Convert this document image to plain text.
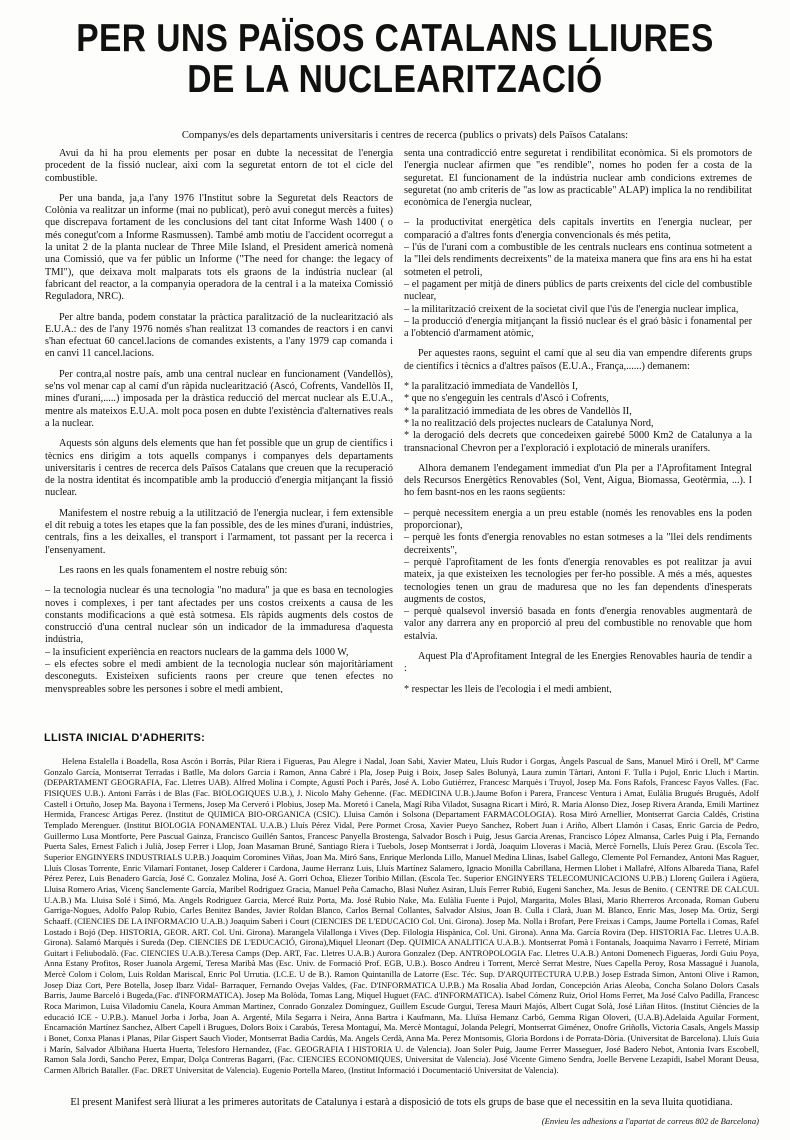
PER UNS PAÏSOS CATALANS LLIURES
DE LA NUCLEARITZACIÓ
Companys/es dels departaments universitaris i centres de recerca (publics o privats) dels Països Catalans:

Avui da hi ha prou elements per posar en dubte la necessitat de l'energia procedent de la fissió nuclear, aixi com la seguretat entorn de tot el cicle del combustible.

Per una banda, ja,a l'any 1976 l'Institut sobre la Seguretat dels Reactors de Colònia va realitzar un informe (mai no publicat), però avui conegut mercès a fuites) que discrepava fortament de les conclusions del tant citat Informe Wash 1400 ( o més conegut'com a Informe Rasmussen). També amb motiu de l'accident ocorregut a la unitat 2 de la planta nuclear de Three Mile Island, el President americà nomenà una Comissió, que va fer públic un Informe ("The need for change: the legacy of TMI"), que deixava molt malparats tots els graons de la indústria nuclear (al fabricant del reactor, a la companyia operadora de la central i a la mateixa Comissió Reguladora, NRC).

Per altre banda, podem constatar la pràctica paralització de la nuclearització als E.U.A.: des de l'any 1976 només s'han realitzat 13 comandes de reactors i en canvi s'han efectuat 60 cancel.lacions de comandes existents, a l'any 1979 cap comanda i en canvi 11 cancel.lacions.

Per contra,al nostre país, amb una central nuclear en funcionament (Vandellòs), se'ns vol menar cap al camí d'un ràpida nuclearització (Ascó, Cofrents, Vandellòs II, mines d'urani,.....) imposada per la dràstica reducció del mercat nuclear als E.U.A., mentre als mateixos E.U.A. molt poca posen en dubte l'existència d'alternatives reals a la nuclear.

Aquests són alguns dels elements que han fet possible que un grup de científics i tècnics ens dirigim a tots aquells companys i companyes dels departaments universitaris i centres de recerca dels Països Catalans que creuen que la recuperació de la nostra identitat és incompatible amb la producció d'energia mitjançant la fissió nuclear.

Manifestem el nostre rebuig a la utilització de l'energia nuclear, i fem extensible el dit rebuig a totes les etapes que la fan possible, des de les mines d'urani, indústries, centrals, fins a les deixalles, el transport i l'armament, tot passant per la recerca i l'ensenyament.

Les raons en les quals fonamentem el nostre rebuig són:

– la tecnologia nuclear és una tecnologia "no madura" ja que es basa en tecnologies noves i complexes, i per tant afectades per uns costos creixents a causa de les constants modificacions a què està sotmesa. Els ràpids augments dels costos de construcció d'una central nuclear són un indicador de la immaduresa d'aquesta indústria,
– la insuficient experiència en reactors nuclears de la gamma dels 1000 W,
– els efectes sobre el medi ambient de la tecnologia nuclear són majoritàriament desconeguts. Existeixen suficients raons per creure que tenen efectes no menyspreables sobre les persones i sobre el medi ambient,

senta una contradicció entre seguretat i rendibilitat econòmica. Si els promotors de l'energia nuclear afirmen que "es rendible", nomes ho poden fer a costa de la seguretat. El funcionament de la indústria nuclear amb condicions extremes de seguretat (no amb criteris de "as low as practicable" ALAP) implica la no rendibilitat econòmica de l'energia nuclear,

– la productivitat energètica dels capitals invertits en l'energia nuclear, per comparació a d'altres fonts d'energia convencionals és més petita,
– l'ús de l'urani com a combustible de les centrals nuclears ens continua sotmetent a la "llei dels rendiments decreixents" de la mateixa manera que fins ara ens hi ha estat sotmeten el petroli,
– el pagament per mitjà de diners públics de parts creixents del cicle del combustible nuclear,
– la militarització creixent de la societat civil que l'ús de l'energia nuclear implica,
– la producció d'energia mitjançant la fissió nuclear és el graó bàsic i fonamental per a l'obtenció d'armament atòmic,

Per aquestes raons, seguint el camí que al seu dia van empendre diferents grups de científics i tècnics a d'altres països (E.U.A., França,......) demanem:

* la paralització immediata de Vandellòs I,
* que no s'engeguin les centrals d'Ascó i Cofrents,
* la paralització immediata de les obres de Vandellòs II,
* la no realització dels projectes nuclears de Catalunya Nord,
* la derogació dels decrets que concedeixen gairebé 5000 Km2 de Catalunya a la transnacional Chevron per a l'exploració i explotació de minerals uranífers.

Alhora demanem l'endegament immediat d'un Pla per a l'Aprofitament Integral dels Recursos Energètics Renovables (Sol, Vent, Aigua, Biomassa, Geotèrmia, ...). I ho fem basnt-nos en les raons següents:

– perquè necessitem energia a un preu estable (només les renovables ens la poden proporcionar),
– perquè les fonts d'energia renovables no estan sotmeses a la "llei dels rendiments decreixents",
– perquè l'aprofitament de les fonts d'energia renovables es pot realitzar ja avui mateix, ja que existeixen les tecnologies per fer-ho possible. A més a més, aquestes tecnologies tenen un grau de maduresa que no les fan dependents d'inesperats augments de costos,
– perquè qualsevol inversió basada en fonts d'energia renovables augmentarà de valor any darrera any en proporció al preu del combustible no renovable que hom estalvia.

Aquest Pla d'Aprofitament Integral de les Energies Renovables hauria de tendir a :

* respectar les lleis de l'ecologia i el medi ambient,
LLISTA INICIAL D'ADHERITS:
Helena Estalella i Boadella, Rosa Ascón i Borràs, Pilar Riera i Figueras, Pau Alegre i Nadal, Joan Sabi, Xavier Mateu, Lluís Rudor i Gorgas, Àngels Pascual de Sans, Manuel Miró i Orell, Mª Carme Gonzalo García, Montserrat Terradas i Batlle, Ma dolors Garcia i Ramon, Anna Cabré i Pla, Josep Puig i Boix, Josep Sales Bolunyà, Laura zumin Tàrtari, Antoni F. Tulla i Pujol, Enric Lluch i Martin. (DEPARTAMENT GEOGRAFIA, Fac. Lletres UAB). Alfred Molina i Compte, Agustí Poch i Parés, José A. Lobo Gutiérrez, Francesc Marquès i Truyol, Josep Ma. Fons Rafols, Francesc Fayos Valles. (Fac. FISIQUES U.B.). Antoni Farràs i de Blas (Fac. BIOLOGIQUES U.B.), J. Nicolo Mahy Gehenne. (Fac. MEDICINA U.B.).Jaume Bofon i Parera, Francesc Ventura i Amat, Eulàlia Brugués Brugués, Adolf Castell i Ortuño, Josep Ma. Bayona i Termens, Josep Ma Cerveró i Plobius, Josep Ma. Moretó i Canela, Magí Riba Viladot, Susagna Ricart i Miró, R. Maria Alonso Diez, Josep Rivera Aranda, Emili Martinez Hermida, Francesc Artigas Perez. (Institut de QUIMICA BIO-ORGANICA (CSIC). Lluisa Camón i Solsona (Departament FARMACOLOGIA). Rosa Miró Arnellier, Montserrat Garcia Caldés, Cristina Templado Merenguer. (Institut BIOLOGIA FONAMENTAL U.A.B.) Lluís Pérez Vidal, Pere Pormet Crosa, Xavier Pueyo Sanchez, Robert Juan i Ariño, Albert Llamón i Casas, Enric Garcia de Pedro, Guillermo Lusa Montforte, Pere Pascual Gainza, Francisco Guillén Santos, Francesc Panyella Brostenga, Salvador Bosch i Puig, Jesus Garcia Arenas, Francisco López Almansa, Carles Puig i Pla, Fernando Puerta Sales, Ernest Falich i Julià, Josep Ferrer i Llop, Joan Masaman Bruné, Santiago Riera i Tuebols, Josep Montserrat i Jordà, Joaquim Lloveras i Macià, Mercè Fornells, Lluís Perez Grau. (Escola Tec. Superior ENGINYERS INDUSTRIALS U.P.B.) Joaquim Coromines Viñas, Joan Ma. Miró Sans, Enrique Merlonda Lillo, Manuel Medina Llinas, Isabel Gallego, Clemente Pol Fernandez, Antoni Mas Raguer, Lluís Closas Torrente, Enric Vilamarí Fontanet, Josep Calderer i Cardona, Jaume Herranz Luis, Lluís Martínez Salamero, Ignacio Monilla Cabrillana, Hermen Llobet i Mallafré, Alfons Albareda Tiana, Rafel Pérez Perez, Luis Benadero García, José C. Gonzalez Molina, José A. Gorri Ochoa, Eliezer Toribio Millan. (Escola Tec. Superior ENGINYERS TELECOMUNICACIONS U.P.B.) Llorenç Guilera i Agüera, Lluisa Romero Arias, Vicenç Sanclemente García, Maribel Rodriguez Gracia, Manuel Peña Camacho, Blasi Nuñez Asiran, Lluís Ferrer Rubió, Eugeni Sanchez, Ma. Jesus de Benito. ( CENTRE DE CALCUL U.A.B.) Ma. Lluisa Solé i Simó, Ma. Angels Rodriguez Garcia, Mercé Ruiz Porta, Ma. José Rubio Nake, Ma. Eulàlia Fuente i Pujol, Margarita, Moles Blasi, Mario Rherreros Arconada, Roman Guberu Garriga-Nogues, Adolfo Palop Rubio, Carles Benitez Bandes, Javier Roldan Blanco, Carlos Bernal Collantes, Salvador Alsius, Joan B. Culla i Clarà, Juan M. Blanco, Enric Mas, Josep Ma. Ortiz, Sergi Schaaff. (CIENCIES DE LA INFORMACIO U.A.B.) Joaquim Saberi i Court (CIENCIES DE L'EDUCACIO Col. Uni. Girona). Josep Ma. Nolla i Brofart, Pere Freixas i Camps, Jaume Portella i Comas, Rafel Lostado i Bojó (Dep. HISTORIA, GEOR. ART. Col. Uni. Girona). Marangela Vilallonga i Vives (Dep. Filologia Hispànica, Col. Uni. Girona). Anna Ma. García Rovira (Dep. HISTORIA Fac. Lletres U.A.B. Girona). Salamó Marquès i Sureda (Dep. CIENCIES DE L'EDUCACIÓ, Girona),Miquel Lleonart (Dep. QUIMICA ANALITICA U.A.B.). Montserrat Pomà i Fontanals, Joaquima Navarro i Ferreté, Miriam Guitart i Feliubodalò. (Fac. CIENCIES U.A.B.).Teresa Camps (Dep. ART, Fac. Lletres U.A.B.) Aurora Gonzalez (Dep. ANTROPOLOGIA Fac. Lletres U.A.B.) Antoni Domenech Figueras, Jordi Guiu Poya, Anna Estany Profitos, Roser Juanola Argemí, Teresa Maribà Mas (Esc. Univ. de Formació Prof. EGB, U.B.). Bosco Andreu i Torrent, Mercè Serrat Mestre, Nues Capella Peroy, Rosa Massagué i Juanola, Mercè Colom i Colom, Luis Roldan Mariscal, Enric Pol Urrutia. (I.C.E. U de B.). Ramon Quintanilla de Latorre (Esc. Téc. Sup. D'ARQUITECTURA U.P.B.) Josep Estrada Simon, Antoni Olive i Ramon, Josep Diaz Cort, Pere Botella, Josep Ibarz Vidal- Barraquer, Fernando Ovejas Valdes, (Fac. D'INFORMATICA U.P.B.) Ma Rosalia Abad Jordan, Concepción Arias Aleoba, Concha Solano Dolors Casals Barris, Jaume Barceló i Bugeda,(Fac. d'INFORMATICA). Josep Ma Bolòda, Tomas Lang, Miquel Huguet (FAC. d'INFORMATICA). Isabel Cómenz Ruiz, Oriol Homs Ferret, Ma José Calvo Padilla, Francesc Roca Marimon, Luisa Viladomiu Canela, Koura Amman Martinez, Conrado Gonzalez Dominguez, Guillem Escude Gurgui, Teresa Mauri Majós, Albert Cugat Solà, José Liñan Hitos. (Institut Ciències de la educació ICE - U.P.B.). Manuel Jorba i Jorba, Joan A. Argenté, Mila Segarra i Neira, Anna Bartra i Kaufmann, Ma. Lluïsa Hemanz Carbó, Gemma Rigan Oloveri, (U.A.B).Adelaida Aguilar Forment, Encarnación Martínez Sanchez, Albert Capell i Brugues, Dolors Boix i Carabús, Teresa Montaguí, Ma. Mercè Montaguí, Jolanda Pelegrí, Montserrat Giménez, Onofre Griñolls, Victoria Casals, Angels Massip i Bonet, Conxa Planas i Planas, Pilar Gispert Sauch Vioder, Montserrat Badia Cardús, Ma. Angels Cerdà, Anna Ma. Perez Montsomis, Gloria Bordons i de Porrata-Dòria. (Universitat de Barcelona). Lluís Guia i Marín, Salvador Albiñana Huerta Huerta, Telesforo Hernandez, (Fac. GEOGRAFIA I HISTORIA U. de Valencia). Joan Soler Puig, Jaume Ferrer Masseguer, José Badero Nebot, Antonia Ivars Escobell, Ramon Sala Jordi, Sancho Perez, Empar, Dolça Contreras Bagarri, (Fac. CIENCIES ECONOMIQUES, Universitat de Valencia). José Vicente Gimeno Sendra, Joelle Bervene Lezapidi, Isabel Morant Deusa, Carmen Albrich Bataller. (Fac. DRET Universitat de Valencia). Eugenio Portella Mareo, (Institut Informació i Documentació Universitat de Valencia).
El present Manifest serà lliurat a les primeres autoritats de Catalunya i estarà a disposició de tots els grups de base que el necessitin en la seva lluita quotidiana.
(Envieu les adhesions a l'apartat de correus 802 de Barcelona)
